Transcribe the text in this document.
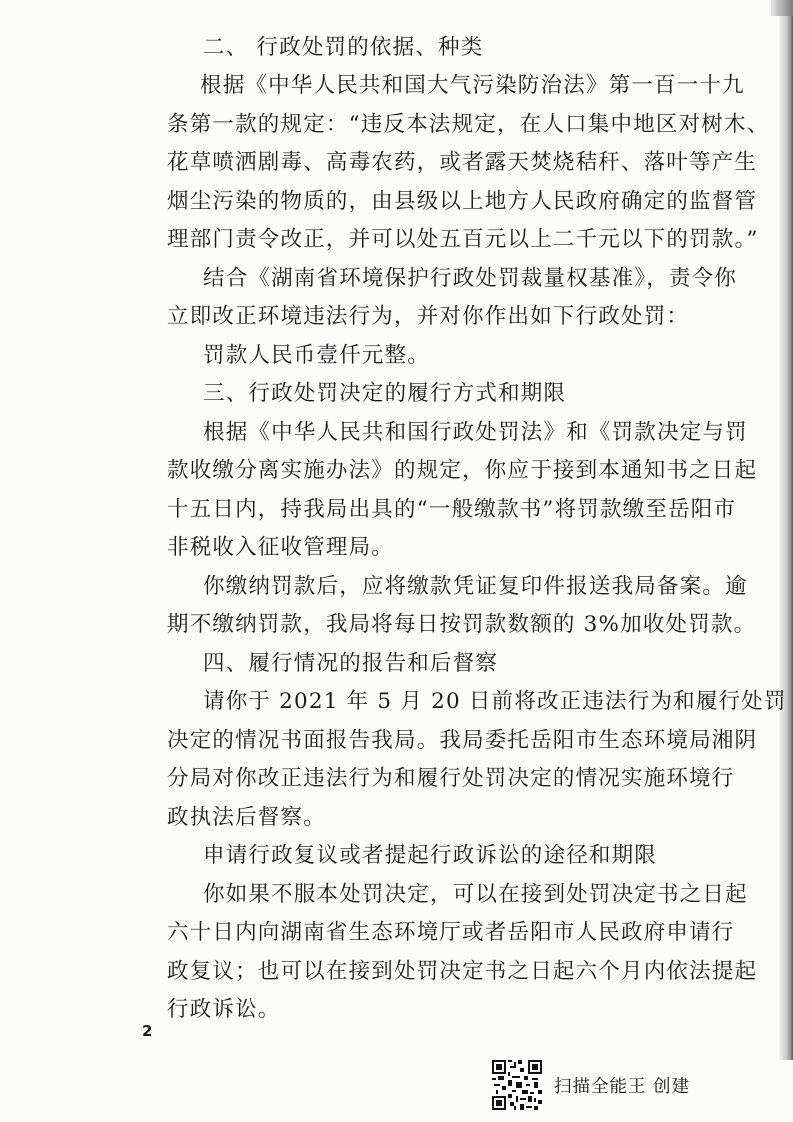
二、 行政处罚的依据、种类
根据《中华人民共和国大气污染防治法》第一百一十九
条第一款的规定：“违反本法规定，在人口集中地区对树木、
花草喷洒剧毒、高毒农药，或者露天焚烧秸秆、落叶等产生
烟尘污染的物质的，由县级以上地方人民政府确定的监督管
理部门责令改正，并可以处五百元以上二千元以下的罚款。”
结合《湖南省环境保护行政处罚裁量权基准》，责令你
立即改正环境违法行为，并对你作出如下行政处罚：
罚款人民币壹仟元整。
三、行政处罚决定的履行方式和期限
根据《中华人民共和国行政处罚法》和《罚款决定与罚
款收缴分离实施办法》的规定，你应于接到本通知书之日起
十五日内，持我局出具的“一般缴款书”将罚款缴至岳阳市
非税收入征收管理局。
你缴纳罚款后，应将缴款凭证复印件报送我局备案。逾
期不缴纳罚款，我局将每日按罚款数额的 3%加收处罚款。
四、履行情况的报告和后督察
请你于 2021 年 5 月 20 日前将改正违法行为和履行处罚
决定的情况书面报告我局。我局委托岳阳市生态环境局湘阴
分局对你改正违法行为和履行处罚决定的情况实施环境行
政执法后督察。
申请行政复议或者提起行政诉讼的途径和期限
你如果不服本处罚决定，可以在接到处罚决定书之日起
六十日内向湖南省生态环境厅或者岳阳市人民政府申请行
政复议；也可以在接到处罚决定书之日起六个月内依法提起
行政诉讼。
2
扫描全能王 创建
